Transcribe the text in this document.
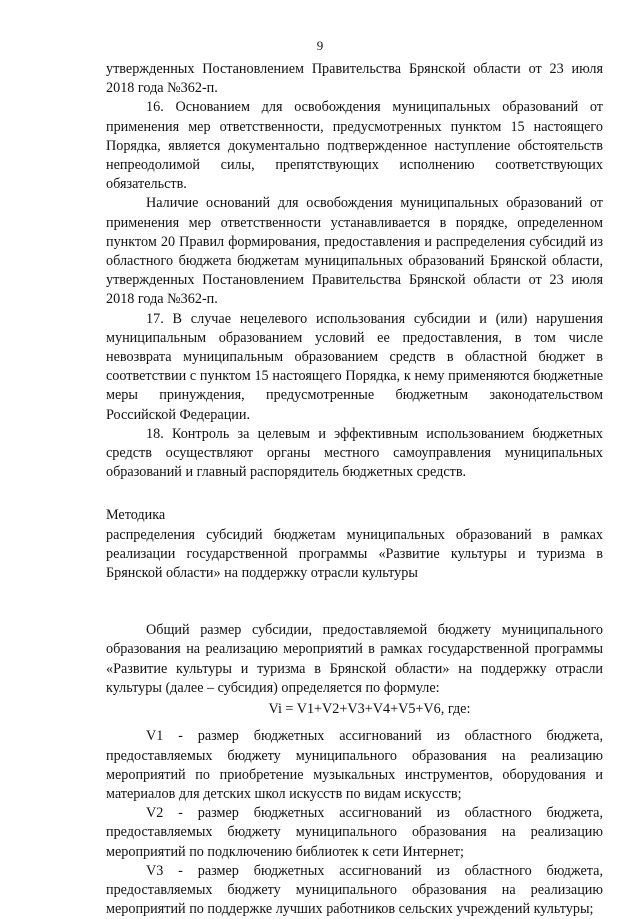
9

утвержденных Постановлением Правительства Брянской области от 23 июля 2018 года №362-п.

16. Основанием для освобождения муниципальных образований от применения мер ответственности, предусмотренных пунктом 15 настоящего Порядка, является документально подтвержденное наступление обстоятельств непреодолимой силы, препятствующих исполнению соответствующих обязательств.

Наличие оснований для освобождения муниципальных образований от применения мер ответственности устанавливается в порядке, определенном пунктом 20 Правил формирования, предоставления и распределения субсидий из областного бюджета бюджетам муниципальных образований Брянской области, утвержденных Постановлением Правительства Брянской области от 23 июля 2018 года №362-п.

17. В случае нецелевого использования субсидии и (или) нарушения муниципальным образованием условий ее предоставления, в том числе невозврата муниципальным образованием средств в областной бюджет в соответствии с пунктом 15 настоящего Порядка, к нему применяются бюджетные меры принуждения, предусмотренные бюджетным законодательством Российской Федерации.

18. Контроль за целевым и эффективным использованием бюджетных средств осуществляют органы местного самоуправления муниципальных образований и главный распорядитель бюджетных средств.

Методика

распределения субсидий бюджетам муниципальных образований в рамках реализации государственной программы «Развитие культуры и туризма в Брянской области» на поддержку отрасли культуры

Общий размер субсидии, предоставляемой бюджету муниципального образования на реализацию мероприятий в рамках государственной программы «Развитие культуры и туризма в Брянской области» на поддержку отрасли культуры (далее – субсидия) определяется по формуле:

Vi = V1+V2+V3+V4+V5+V6, где:

V1 - размер бюджетных ассигнований из областного бюджета, предоставляемых бюджету муниципального образования на реализацию мероприятий по приобретение музыкальных инструментов, оборудования и материалов для детских школ искусств по видам искусств;

V2 - размер бюджетных ассигнований из областного бюджета, предоставляемых бюджету муниципального образования на реализацию мероприятий по подключению библиотек к сети Интернет;

V3 - размер бюджетных ассигнований из областного бюджета, предоставляемых бюджету муниципального образования на реализацию мероприятий по поддержке лучших работников сельских учреждений культуры;
